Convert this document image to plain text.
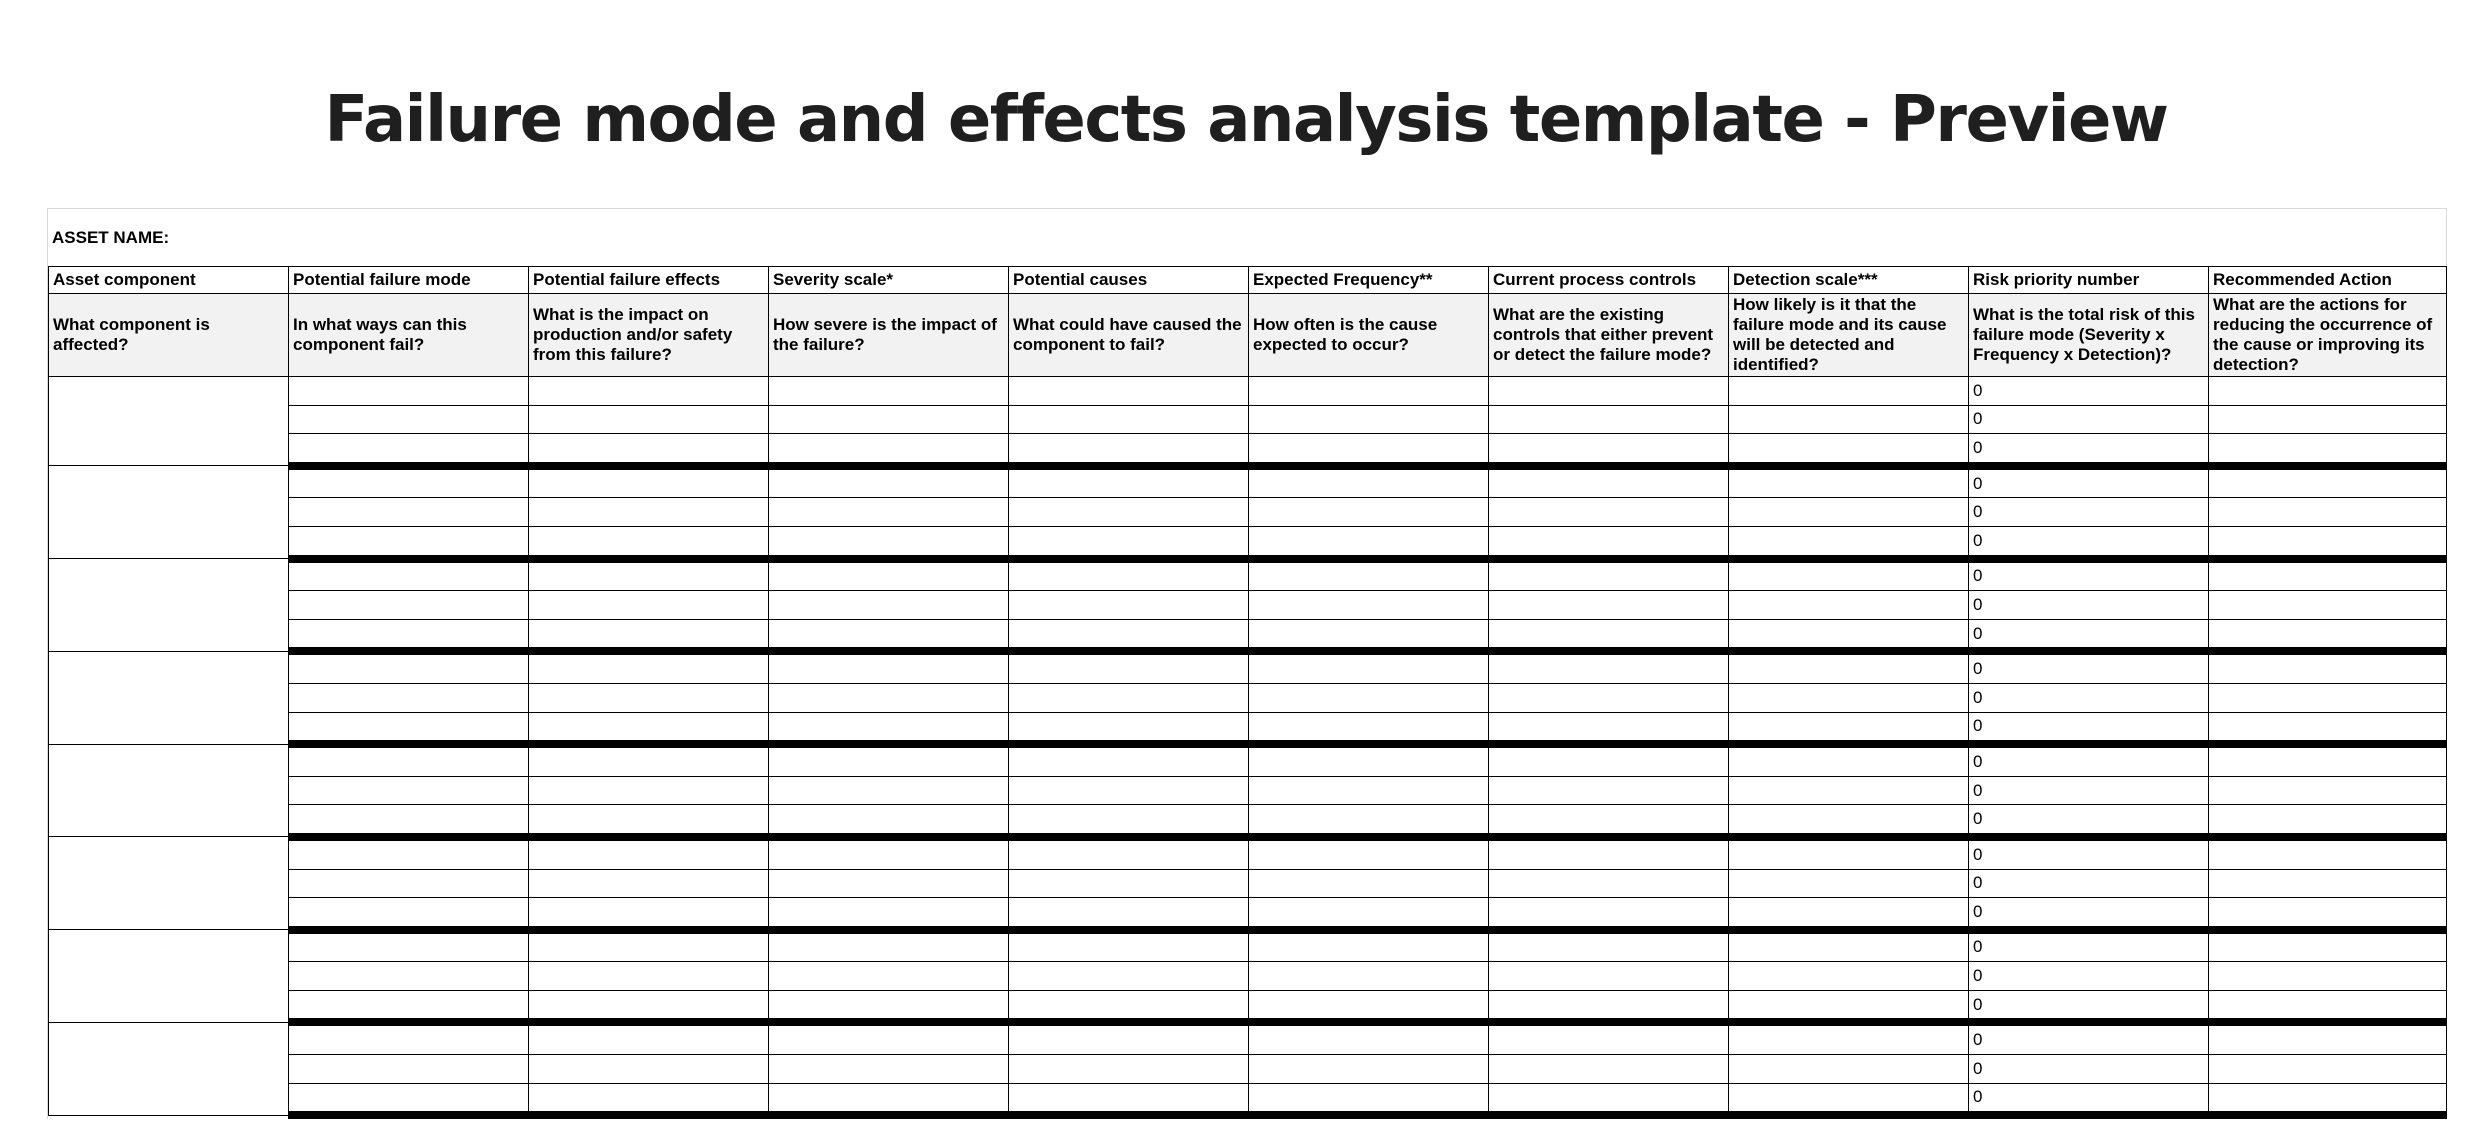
Failure mode and effects analysis template - Preview
ASSET NAME:
Asset component	Potential failure mode	Potential failure effects	Severity scale*	Potential causes	Expected Frequency**	Current process controls	Detection scale***	Risk priority number	Recommended Action
What component is affected?	In what ways can this component fail?	What is the impact on production and/or safety from this failure?	How severe is the impact of the failure?	What could have caused the component to fail?	How often is the cause expected to occur?	What are the existing controls that either prevent or detect the failure mode?	How likely is it that the failure mode and its cause will be detected and identified?	What is the total risk of this failure mode (Severity x Frequency x Detection)?	What are the actions for reducing the occurrence of the cause or improving its detection?
								0	
								0	
								0	
								0	
								0	
								0	
								0	
								0	
								0	
								0	
								0	
								0	
								0	
								0	
								0	
								0	
								0	
								0	
								0	
								0	
								0	
								0	
								0	
								0	
